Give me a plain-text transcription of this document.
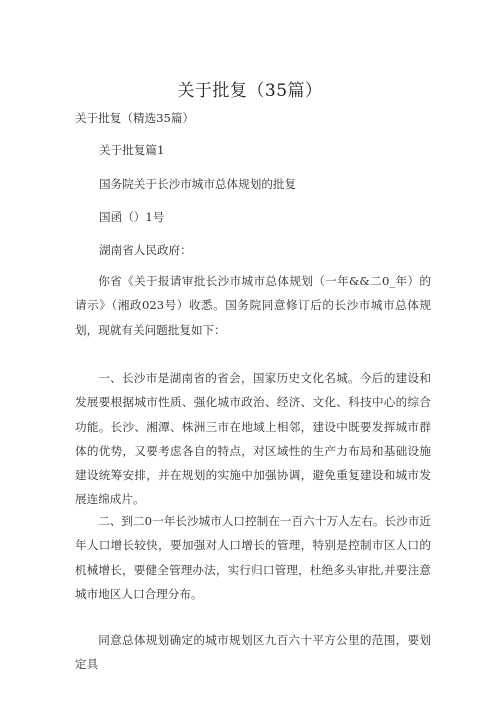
关于批复（35篇）
关于批复（精选35篇）
关于批复篇1
国务院关于长沙市城市总体规划的批复
国函（）1号
湖南省人民政府：
你省《关于报请审批长沙市城市总体规划（一年&&二0_年）的请示》（湘政023号）收悉。国务院同意修订后的长沙市城市总体规划，现就有关问题批复如下：
一、长沙市是湖南省的省会，国家历史文化名城。今后的建设和发展要根据城市性质、强化城市政治、经济、文化、科技中心的综合功能。长沙、湘潭、株洲三市在地域上相邻，建设中既要发挥城市群体的优势，又要考虑各自的特点，对区域性的生产力布局和基础设施建设统筹安排，并在规划的实施中加强协调，避免重复建设和城市发展连绵成片。
二、到二0一年长沙城市人口控制在一百六十万人左右。长沙市近年人口增长较快，要加强对人口增长的管理，特别是控制市区人口的机械增长，要健全管理办法，实行归口管理，杜绝多头审批,并要注意城市地区人口合理分布。
同意总体规划确定的城市规划区九百六十平方公里的范围，要划定具
